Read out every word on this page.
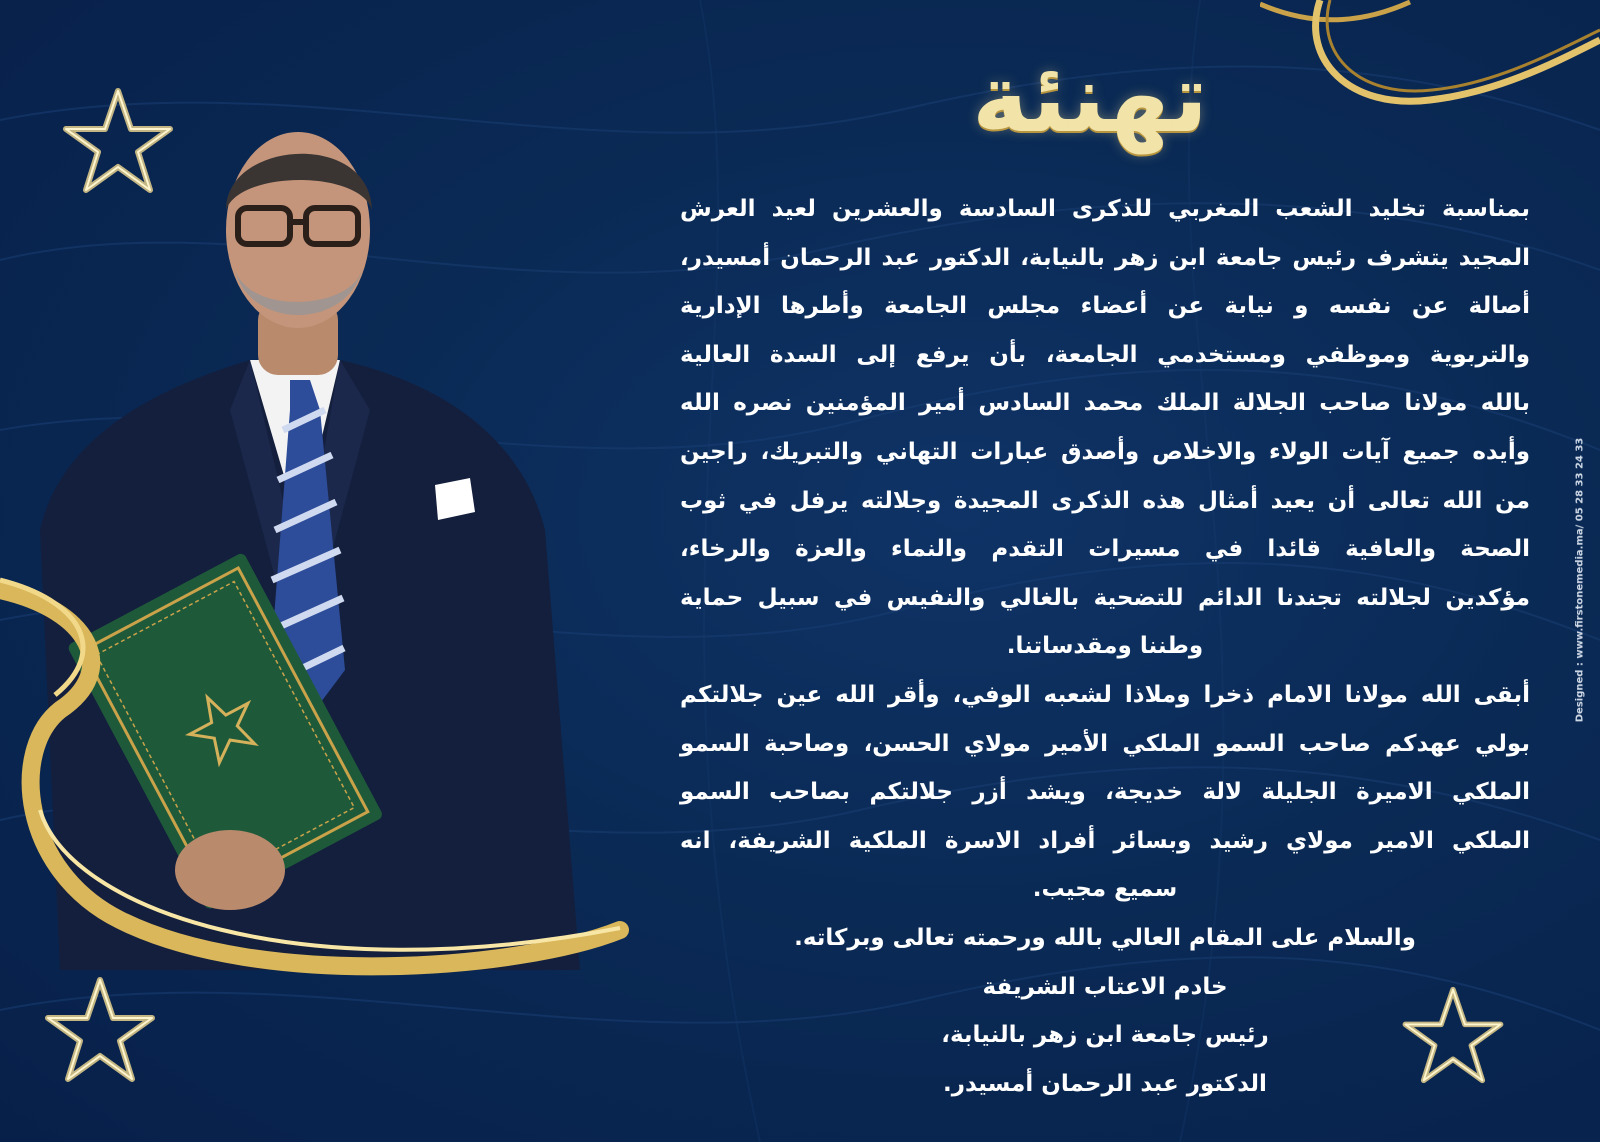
تهنئة

بمناسبة تخليد الشعب المغربي للذكرى السادسة والعشرين لعيد العرش

المجيد يتشرف رئيس جامعة ابن زهر بالنيابة، الدكتور عبد الرحمان أمسيدر،

أصالة عن نفسه و نيابة عن أعضاء مجلس الجامعة وأطرها الإدارية

والتربوية وموظفي ومستخدمي الجامعة، بأن يرفع إلى السدة العالية

بالله مولانا صاحب الجلالة الملك محمد السادس أمير المؤمنين نصره الله

وأيده جميع آيات الولاء والاخلاص وأصدق عبارات التهاني والتبريك، راجين

من الله تعالى أن يعيد أمثال هذه الذكرى المجيدة وجلالته يرفل في ثوب

الصحة والعافية قائدا في مسيرات التقدم والنماء والعزة والرخاء،

مؤكدين لجلالته تجندنا الدائم للتضحية بالغالي والنفيس في سبيل حماية

وطننا ومقدساتنا.

أبقى الله مولانا الامام ذخرا وملاذا لشعبه الوفي، وأقر الله عين جلالتكم

بولي عهدكم صاحب السمو الملكي الأمير مولاي الحسن، وصاحبة السمو

الملكي الاميرة الجليلة لالة خديجة، ويشد أزر جلالتكم بصاحب السمو

الملكي الامير مولاي رشيد وبسائر أفراد الاسرة الملكية الشريفة، انه

سميع مجيب.

والسلام على المقام العالي بالله ورحمته تعالى وبركاته.

خادم الاعتاب الشريفة

رئيس جامعة ابن زهر بالنيابة،

الدكتور عبد الرحمان أمسيدر.

Designed : www.firstonemedia.ma/ 05 28 33 24 33
